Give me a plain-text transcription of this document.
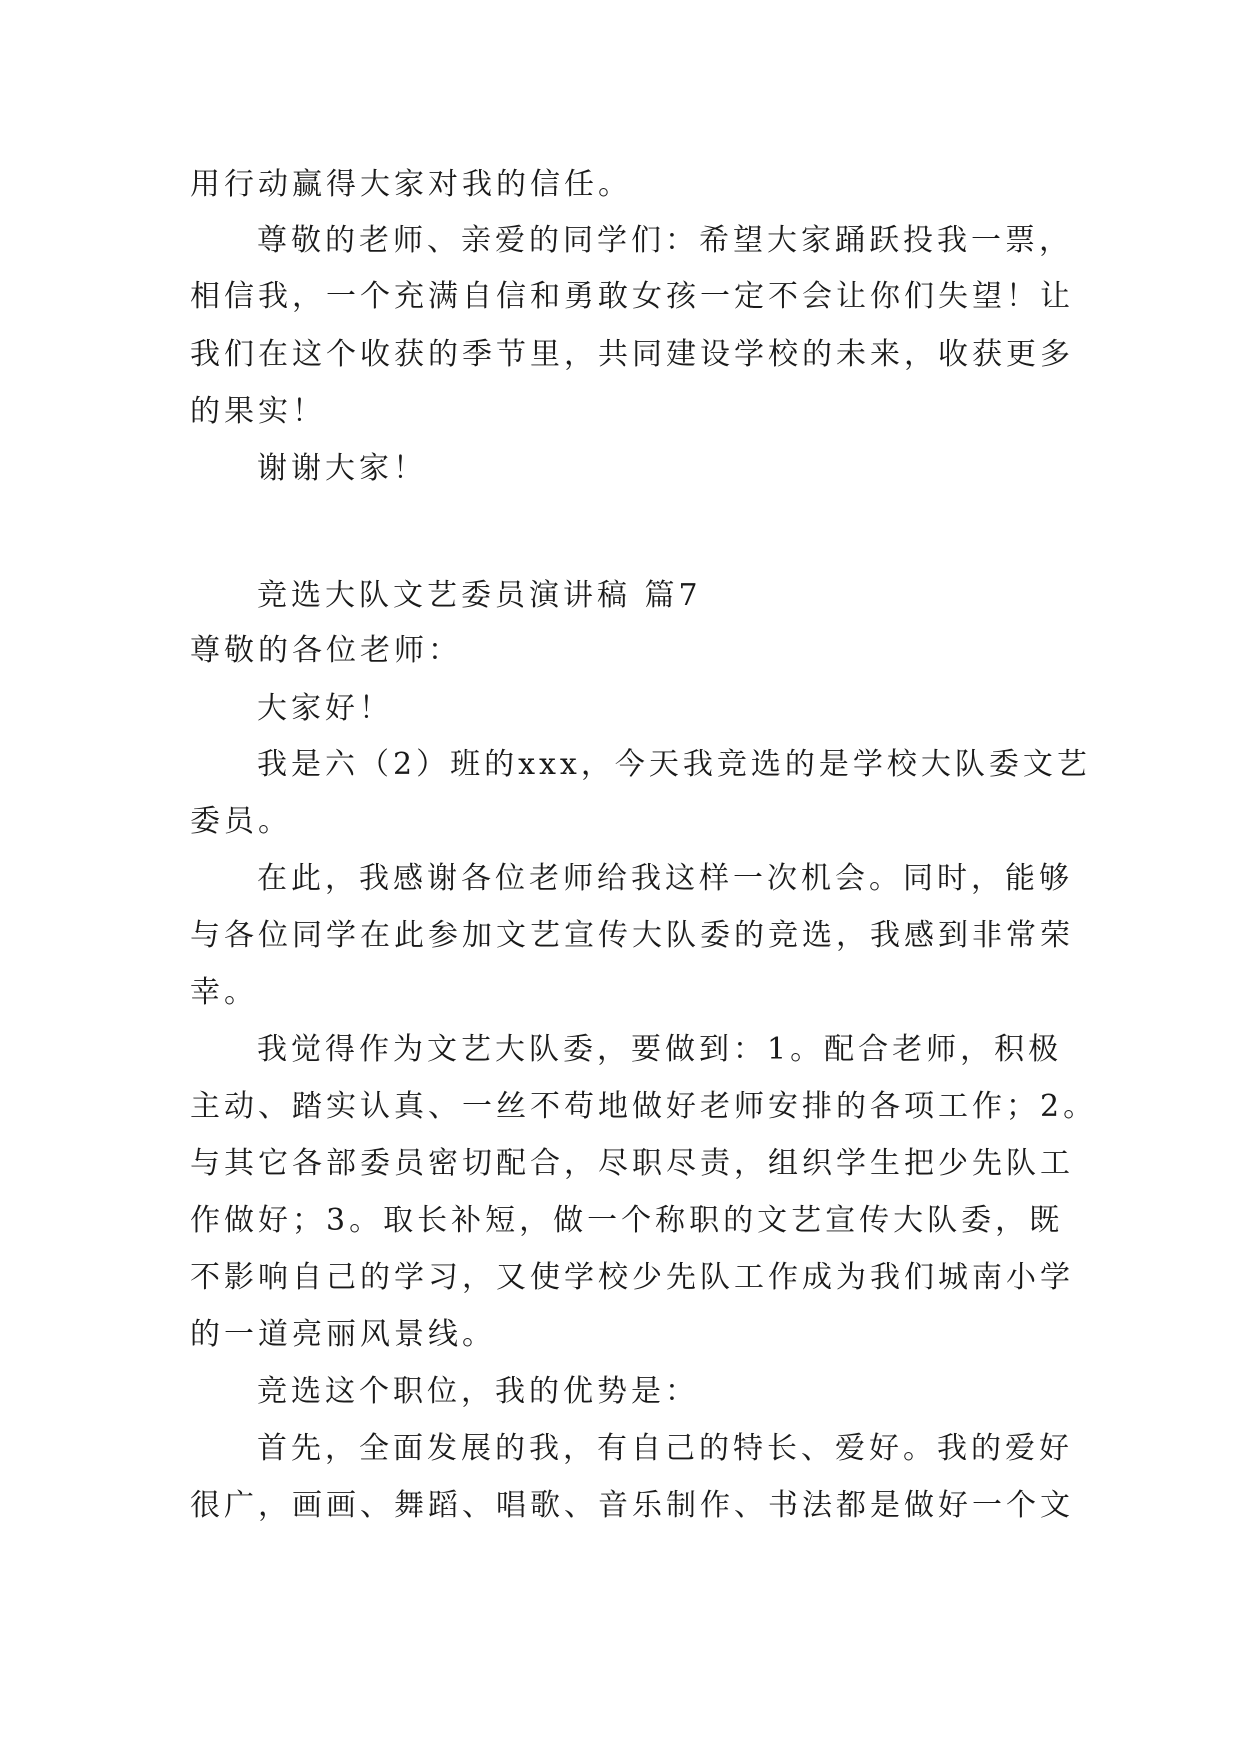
用行动赢得大家对我的信任。
尊敬的老师、亲爱的同学们：希望大家踊跃投我一票，
相信我，一个充满自信和勇敢女孩一定不会让你们失望！让
我们在这个收获的季节里，共同建设学校的未来，收获更多
的果实！
谢谢大家！
竞选大队文艺委员演讲稿 篇7
尊敬的各位老师：
大家好！
我是六（2）班的xxx，今天我竞选的是学校大队委文艺
委员。
在此，我感谢各位老师给我这样一次机会。同时，能够
与各位同学在此参加文艺宣传大队委的竞选，我感到非常荣
幸。
我觉得作为文艺大队委，要做到：1。配合老师，积极
主动、踏实认真、一丝不苟地做好老师安排的各项工作；2。
与其它各部委员密切配合，尽职尽责，组织学生把少先队工
作做好；3。取长补短，做一个称职的文艺宣传大队委，既
不影响自己的学习，又使学校少先队工作成为我们城南小学
的一道亮丽风景线。
竞选这个职位，我的优势是：
首先，全面发展的我，有自己的特长、爱好。我的爱好
很广，画画、舞蹈、唱歌、音乐制作、书法都是做好一个文
